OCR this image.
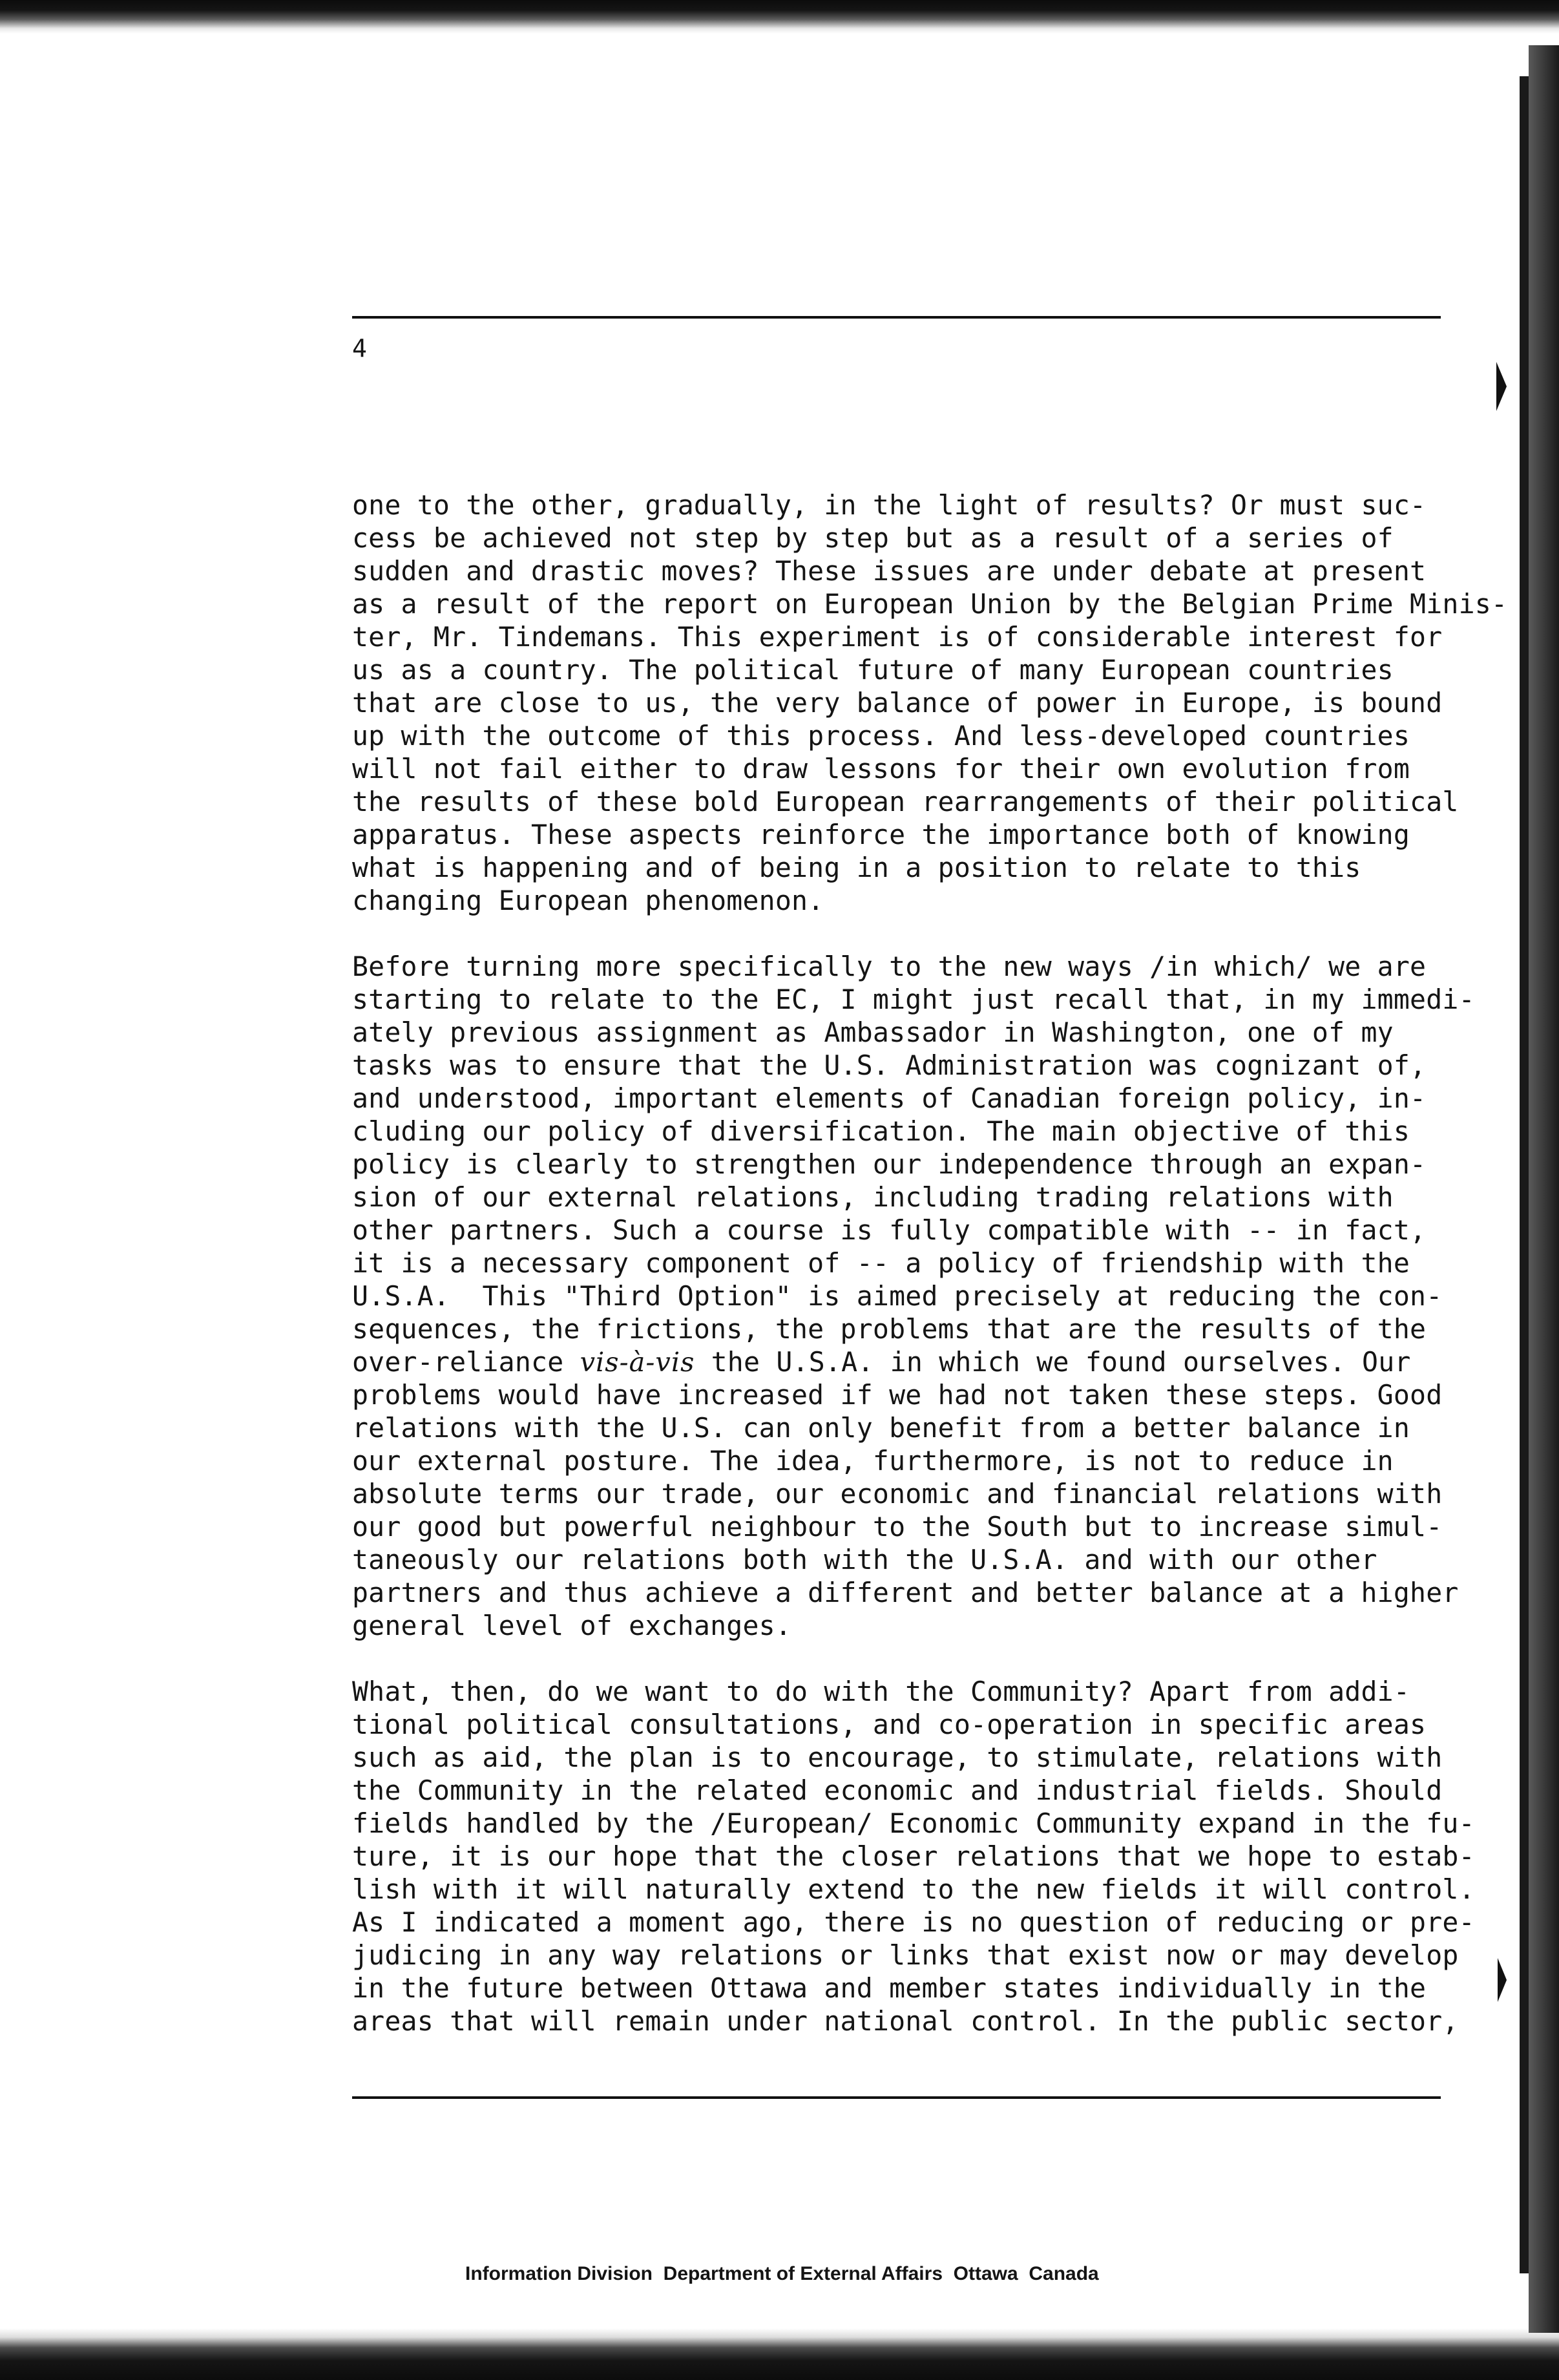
4
one to the other, gradually, in the light of results? Or must suc-
cess be achieved not step by step but as a result of a series of
sudden and drastic moves? These issues are under debate at present
as a result of the report on European Union by the Belgian Prime Minis-
ter, Mr. Tindemans. This experiment is of considerable interest for
us as a country. The political future of many European countries
that are close to us, the very balance of power in Europe, is bound
up with the outcome of this process. And less-developed countries
will not fail either to draw lessons for their own evolution from
the results of these bold European rearrangements of their political
apparatus. These aspects reinforce the importance both of knowing
what is happening and of being in a position to relate to this
changing European phenomenon.
Before turning more specifically to the new ways /in which/ we are
starting to relate to the EC, I might just recall that, in my immedi-
ately previous assignment as Ambassador in Washington, one of my
tasks was to ensure that the U.S. Administration was cognizant of,
and understood, important elements of Canadian foreign policy, in-
cluding our policy of diversification. The main objective of this
policy is clearly to strengthen our independence through an expan-
sion of our external relations, including trading relations with
other partners. Such a course is fully compatible with -- in fact,
it is a necessary component of -- a policy of friendship with the
U.S.A.  This "Third Option" is aimed precisely at reducing the con-
sequences, the frictions, the problems that are the results of the
over-reliance vis-à-vis the U.S.A. in which we found ourselves. Our
problems would have increased if we had not taken these steps. Good
relations with the U.S. can only benefit from a better balance in
our external posture. The idea, furthermore, is not to reduce in
absolute terms our trade, our economic and financial relations with
our good but powerful neighbour to the South but to increase simul-
taneously our relations both with the U.S.A. and with our other
partners and thus achieve a different and better balance at a higher
general level of exchanges.
What, then, do we want to do with the Community? Apart from addi-
tional political consultations, and co-operation in specific areas
such as aid, the plan is to encourage, to stimulate, relations with
the Community in the related economic and industrial fields. Should
fields handled by the /European/ Economic Community expand in the fu-
ture, it is our hope that the closer relations that we hope to estab-
lish with it will naturally extend to the new fields it will control.
As I indicated a moment ago, there is no question of reducing or pre-
judicing in any way relations or links that exist now or may develop
in the future between Ottawa and member states individually in the
areas that will remain under national control. In the public sector,
Information Division  Department of External Affairs  Ottawa  Canada
